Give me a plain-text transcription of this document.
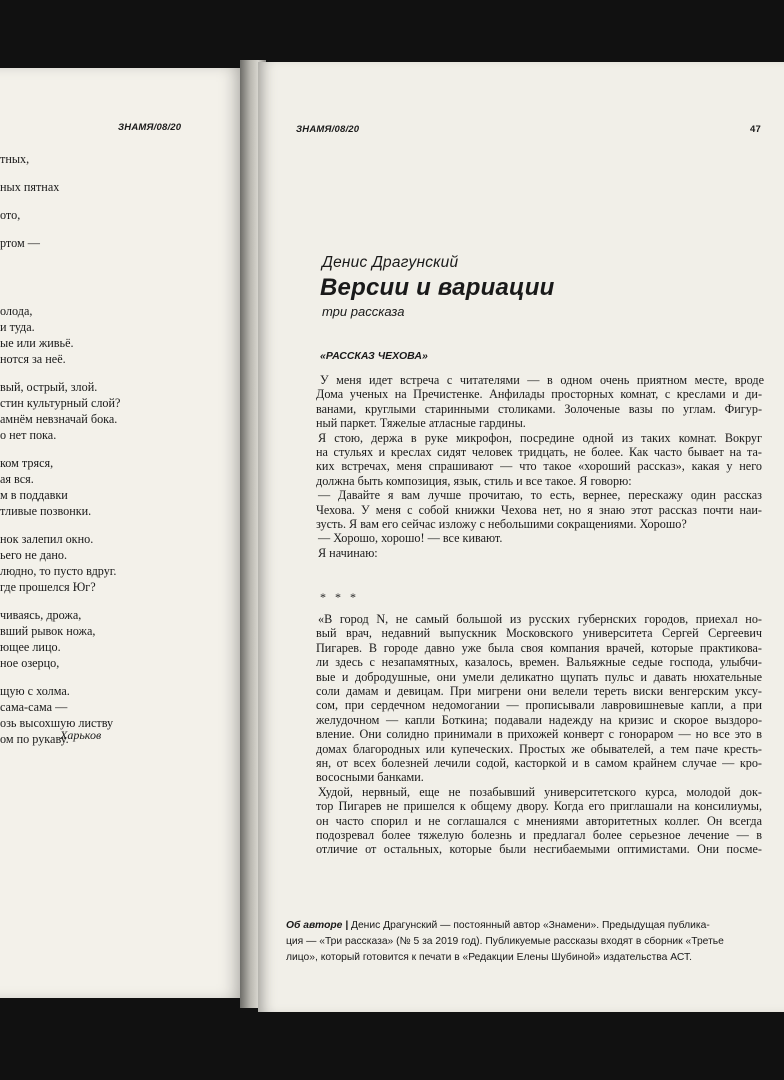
ЗНАМЯ/08/20
тных,
ных пятнах
ото,
ртом —
олода,
и туда.
ые или живьё.
нотся за неё.
вый, острый, злой.
стин культурный слой?
амнём невзначай бока.
о нет пока.
ком тряся,
ая вся.
м в поддавки
тливые позвонки.
нок залепил окно.
ьего не дано.
людно, то пусто вдруг.
где прошелся Юг?
чиваясь, дрожа,
вший рывок ножа,
ющее лицо.
ное озерцо,
щую с холма.
сама-сама —
озь высохшую листву
ом по рукаву.
Харьков
ЗНАМЯ/08/20	47
Денис Драгунский
Версии и вариации
три рассказа
«РАССКАЗ ЧЕХОВА»
У меня идет встреча с читателями — в одном очень приятном месте, вроде
Дома ученых на Пречистенке. Анфилады просторных комнат, с креслами и ди-
ванами, круглыми старинными столиками. Золоченые вазы по углам. Фигур-
ный паркет. Тяжелые атласные гардины.
Я стою, держа в руке микрофон, посредине одной из таких комнат. Вокруг
на стульях и креслах сидят человек тридцать, не более. Как часто бывает на та-
ких встречах, меня спрашивают — что такое «хороший рассказ», какая у него
должна быть композиция, язык, стиль и все такое. Я говорю:
— Давайте я вам лучше прочитаю, то есть, вернее, перескажу один рассказ
Чехова. У меня с собой книжки Чехова нет, но я знаю этот рассказ почти наи-
зусть. Я вам его сейчас изложу с небольшими сокращениями. Хорошо?
— Хорошо, хорошо! — все кивают.
Я начинаю:
* * *
«В город N, не самый большой из русских губернских городов, приехал но-
вый врач, недавний выпускник Московского университета Сергей Сергеевич
Пигарев. В городе давно уже была своя компания врачей, которые практикова-
ли здесь с незапамятных, казалось, времен. Вальяжные седые господа, улыбчи-
вые и добродушные, они умели деликатно щупать пульс и давать нюхательные
соли дамам и девицам. При мигрени они велели тереть виски венгерским уксу-
сом, при сердечном недомогании — прописывали лавровишневые капли, а при
желудочном — капли Боткина; подавали надежду на кризис и скорое выздоро-
вление. Они солидно принимали в прихожей конверт с гонораром — но все это в
домах благородных или купеческих. Простых же обывателей, а тем паче кресть-
ян, от всех болезней лечили содой, касторкой и в самом крайнем случае — кро-
вососными банками.
Худой, нервный, еще не позабывший университетского курса, молодой док-
тор Пигарев не пришелся к общему двору. Когда его приглашали на консилиумы,
он часто спорил и не соглашался с мнениями авторитетных коллег. Он всегда
подозревал более тяжелую болезнь и предлагал более серьезное лечение — в
отличие от остальных, которые были несгибаемыми оптимистами. Они посме-
Об авторе | Денис Драгунский — постоянный автор «Знамени». Предыдущая публика-
ция — «Три рассказа» (№ 5 за 2019 год). Публикуемые рассказы входят в сборник «Третье
лицо», который готовится к печати в «Редакции Елены Шубиной» издательства АСТ.
